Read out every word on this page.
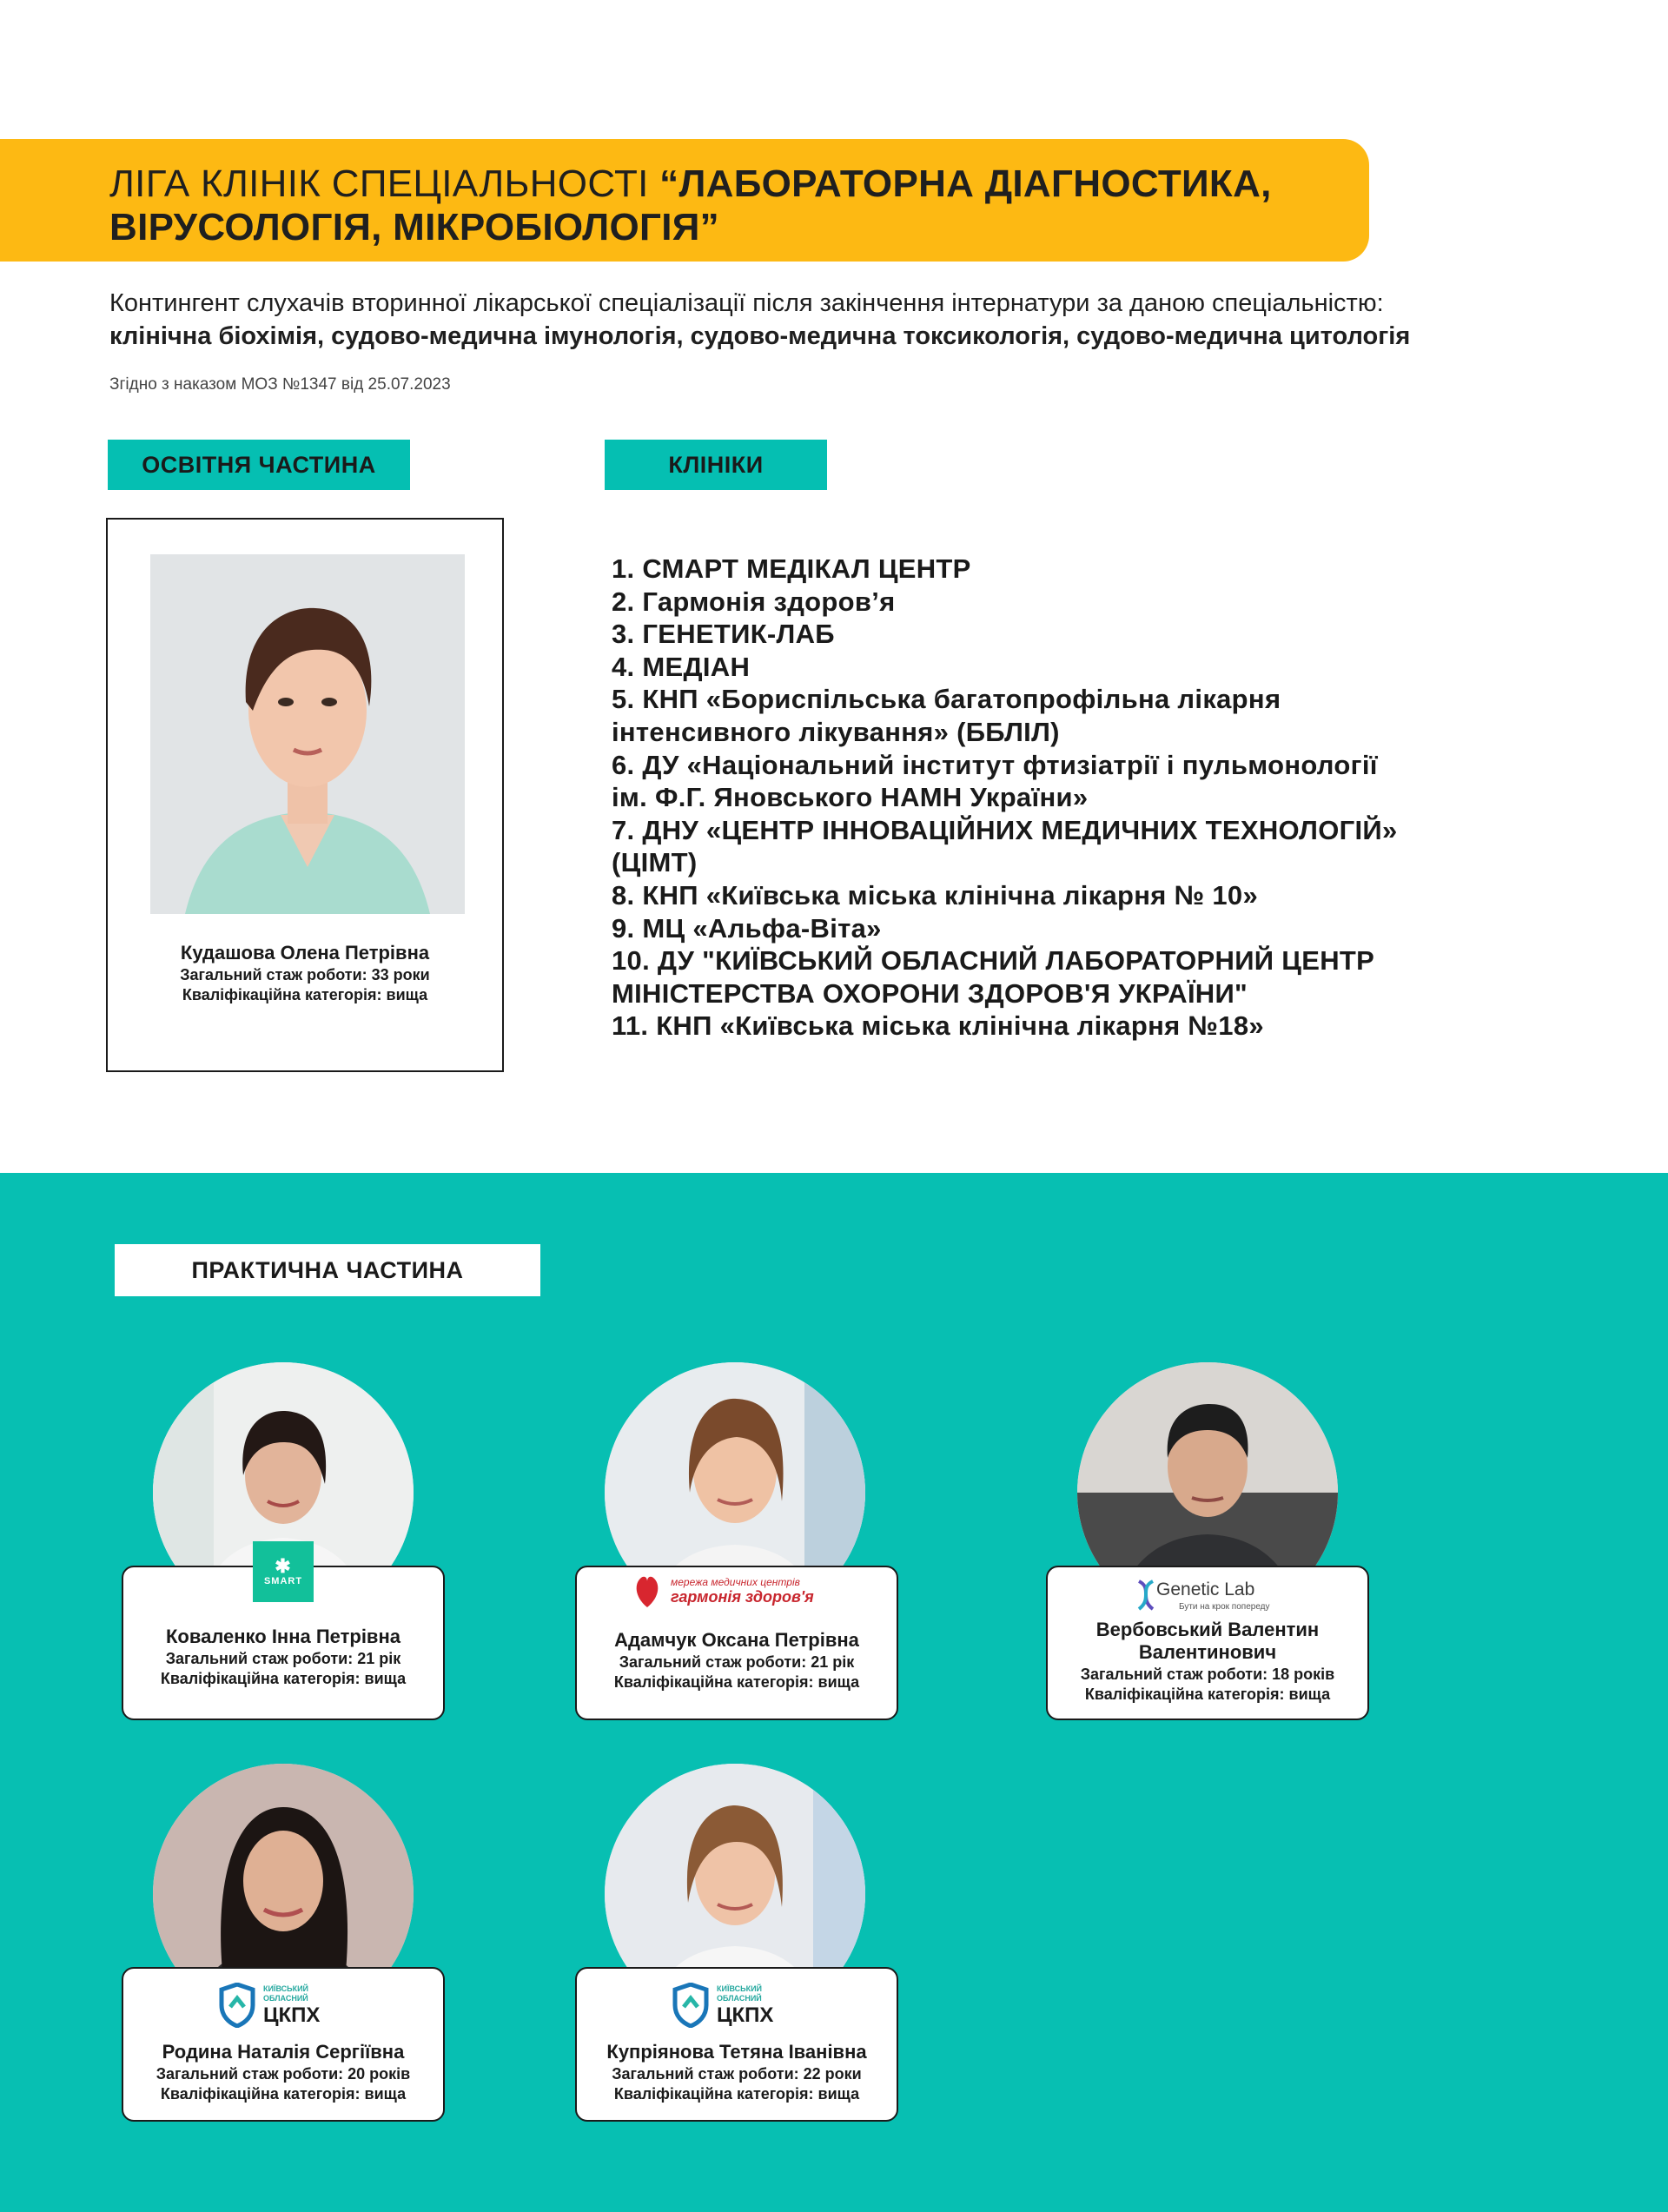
ЛІГА КЛІНІК СПЕЦІАЛЬНОСТІ “ЛАБОРАТОРНА ДІАГНОСТИКА,
ВІРУСОЛОГІЯ, МІКРОБІОЛОГІЯ”
Контингент слухачів вторинної лікарської спеціалізації після закінчення інтернатури за даною спеціальністю:
клінічна біохімія, судово-медична імунологія, судово-медична токсикологія, судово-медична цитологія
Згідно з наказом МОЗ №1347 від 25.07.2023
ОСВІТНЯ ЧАСТИНА	КЛІНІКИ
Кудашова Олена Петрівна
Загальний стаж роботи: 33 роки
Кваліфікаційна категорія: вища
1. СМАРТ МЕДІКАЛ ЦЕНТР
2. Гармонія здоров’я
3. ГЕНЕТИК-ЛАБ
4. МЕДІАН
5. КНП «Бориспільська багатопрофільна лікарня
інтенсивного лікування» (ББЛІЛ)
6. ДУ «Національний інститут фтизіатрії і пульмонології
ім. Ф.Г. Яновського НАМН України»
7. ДНУ «ЦЕНТР ІННОВАЦІЙНИХ МЕДИЧНИХ ТЕХНОЛОГІЙ»
(ЦІМТ)
8. КНП «Київська міська клінічна лікарня № 10»
9. МЦ «Альфа-Віта»
10. ДУ "КИЇВСЬКИЙ ОБЛАСНИЙ ЛАБОРАТОРНИЙ ЦЕНТР
МІНІСТЕРСТВА ОХОРОНИ ЗДОРОВ'Я УКРАЇНИ"
11. КНП «Київська міська клінічна лікарня №18»
ПРАКТИЧНА ЧАСТИНА
✱
SMART
Коваленко Інна Петрівна
Загальний стаж роботи: 21 рік
Кваліфікаційна категорія: вища
мережа медичних центрів
гармонія здоров'я
Адамчук Оксана Петрівна
Загальний стаж роботи: 21 рік
Кваліфікаційна категорія: вища
Genetic Lab
Бути на крок попереду
Вербовський Валентин
Валентинович
Загальний стаж роботи: 18 років
Кваліфікаційна категорія: вища
КИЇВСЬКИЙ
ОБЛАСНИЙ
ЦКПХ
Родина Наталія Сергіївна
Загальний стаж роботи: 20 років
Кваліфікаційна категорія: вища
КИЇВСЬКИЙ
ОБЛАСНИЙ
ЦКПХ
Купріянова Тетяна Іванівна
Загальний стаж роботи: 22 роки
Кваліфікаційна категорія: вища
